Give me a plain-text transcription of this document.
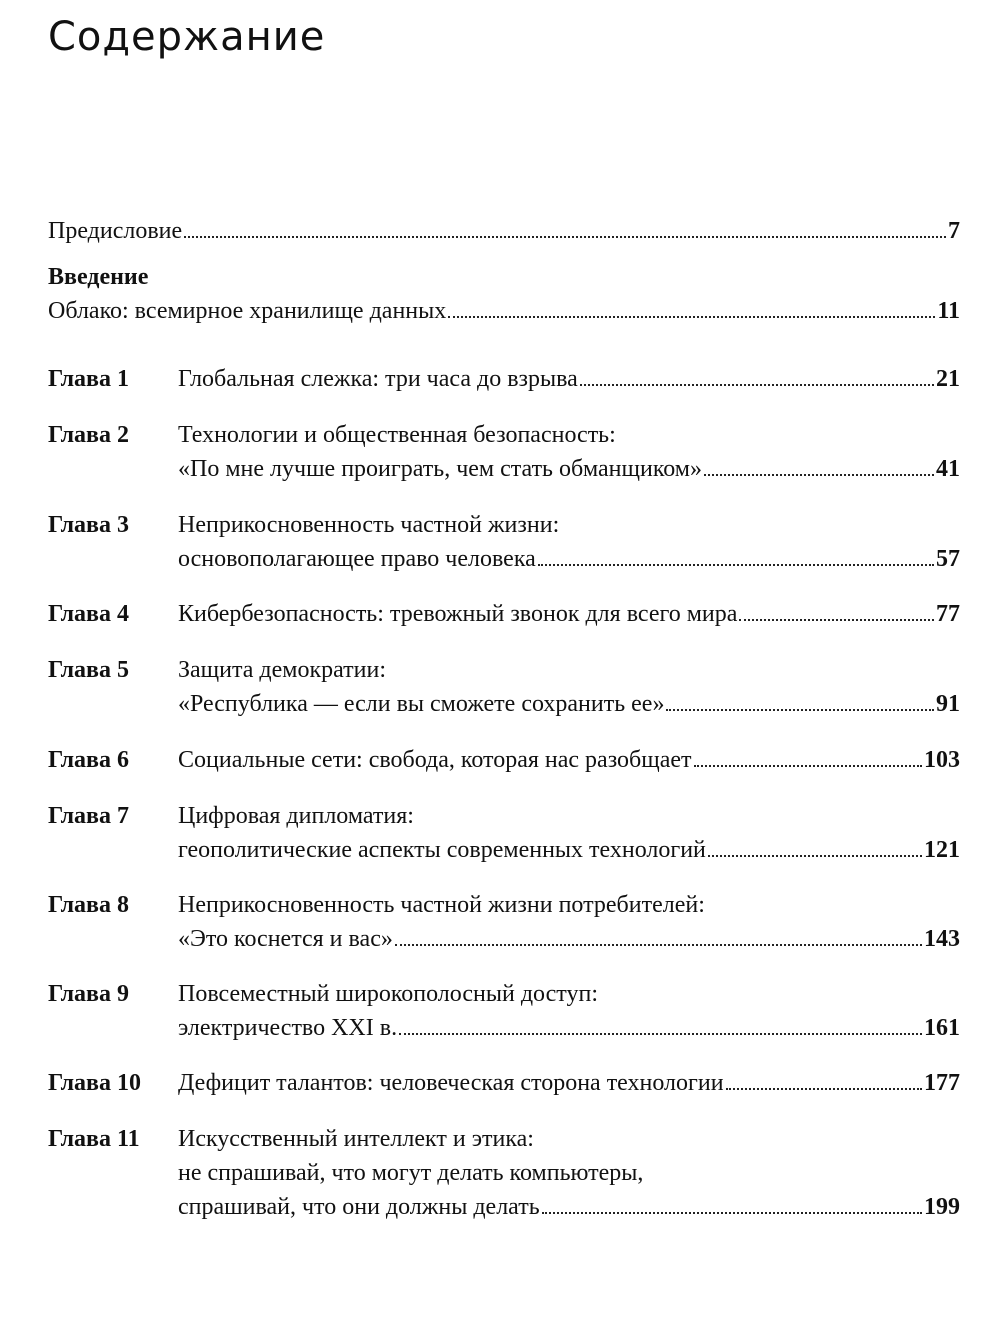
Содержание
Предисловие	7
Введение
Облако: всемирное хранилище данных	11
Глава 1	Глобальная слежка: три часа до взрыва	21
Глава 2	Технологии и общественная безопасность:
«По мне лучше проиграть, чем стать обманщиком»	41
Глава 3	Неприкосновенность частной жизни:
основополагающее право человека	57
Глава 4	Кибербезопасность: тревожный звонок для всего мира	77
Глава 5	Защита демократии:
«Республика — если вы сможете сохранить ее»	91
Глава 6	Социальные сети: свобода, которая нас разобщает	103
Глава 7	Цифровая дипломатия:
геополитические аспекты современных технологий	121
Глава 8	Неприкосновенность частной жизни потребителей:
«Это коснется и вас»	143
Глава 9	Повсеместный широкополосный доступ:
электричество XXI в.	161
Глава 10	Дефицит талантов: человеческая сторона технологии	177
Глава 11	Искусственный интеллект и этика:
не спрашивай, что могут делать компьютеры,
спрашивай, что они должны делать	199
